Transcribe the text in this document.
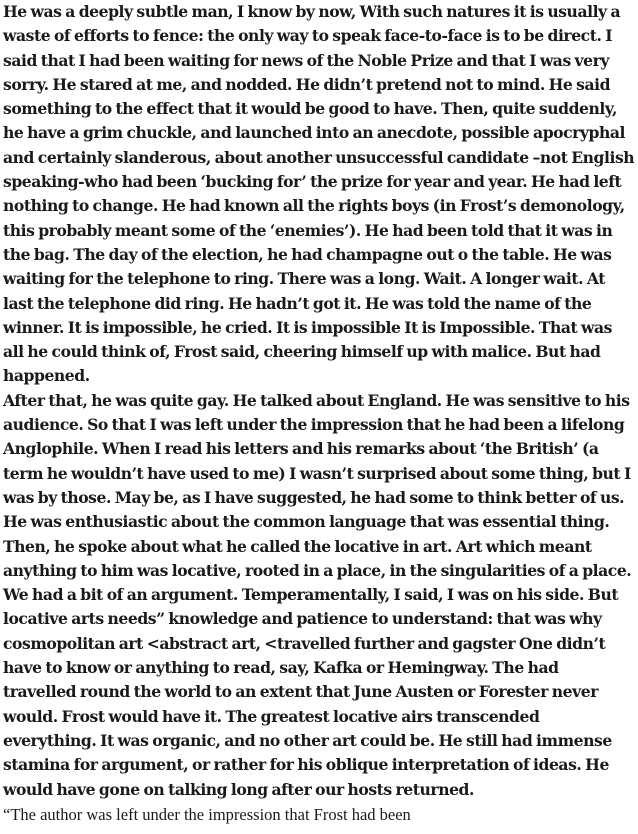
He was a deeply subtle man, I know by now, With such natures it is usually a
waste of efforts to fence: the only way to speak face-to-face is to be direct. I
said that I had been waiting for news of the Noble Prize and that I was very
sorry. He stared at me, and nodded. He didn’t pretend not to mind. He said
something to the effect that it would be good to have. Then, quite suddenly,
he have a grim chuckle, and launched into an anecdote, possible apocryphal
and certainly slanderous, about another unsuccessful candidate –not English
speaking-who had been ‘bucking for’ the prize for year and year. He had left
nothing to change. He had known all the rights boys (in Frost’s demonology,
this probably meant some of the ‘enemies’). He had been told that it was in
the bag. The day of the election, he had champagne out o the table. He was
waiting for the telephone to ring. There was a long. Wait. A longer wait. At
last the telephone did ring. He hadn’t got it. He was told the name of the
winner. It is impossible, he cried. It is impossible It is Impossible. That was
all he could think of, Frost said, cheering himself up with malice. But had
happened.

After that, he was quite gay. He talked about England. He was sensitive to his
audience. So that I was left under the impression that he had been a lifelong
Anglophile. When I read his letters and his remarks about ‘the British’ (a
term he wouldn’t have used to me) I wasn’t surprised about some thing, but I
was by those. May be, as I have suggested, he had some to think better of us.
He was enthusiastic about the common language that was essential thing.
Then, he spoke about what he called the locative in art. Art which meant
anything to him was locative, rooted in a place, in the singularities of a place.
We had a bit of an argument. Temperamentally, I said, I was on his side. But
locative arts needs” knowledge and patience to understand: that was why
cosmopolitan art <abstract art, <travelled further and gagster One didn’t
have to know or anything to read, say, Kafka or Hemingway. The had
travelled round the world to an extent that June Austen or Forester never
would. Frost would have it. The greatest locative airs transcended
everything. It was organic, and no other art could be. He still had immense
stamina for argument, or rather for his oblique interpretation of ideas. He
would have gone on talking long after our hosts returned.

“The author was left under the impression that Frost had been
